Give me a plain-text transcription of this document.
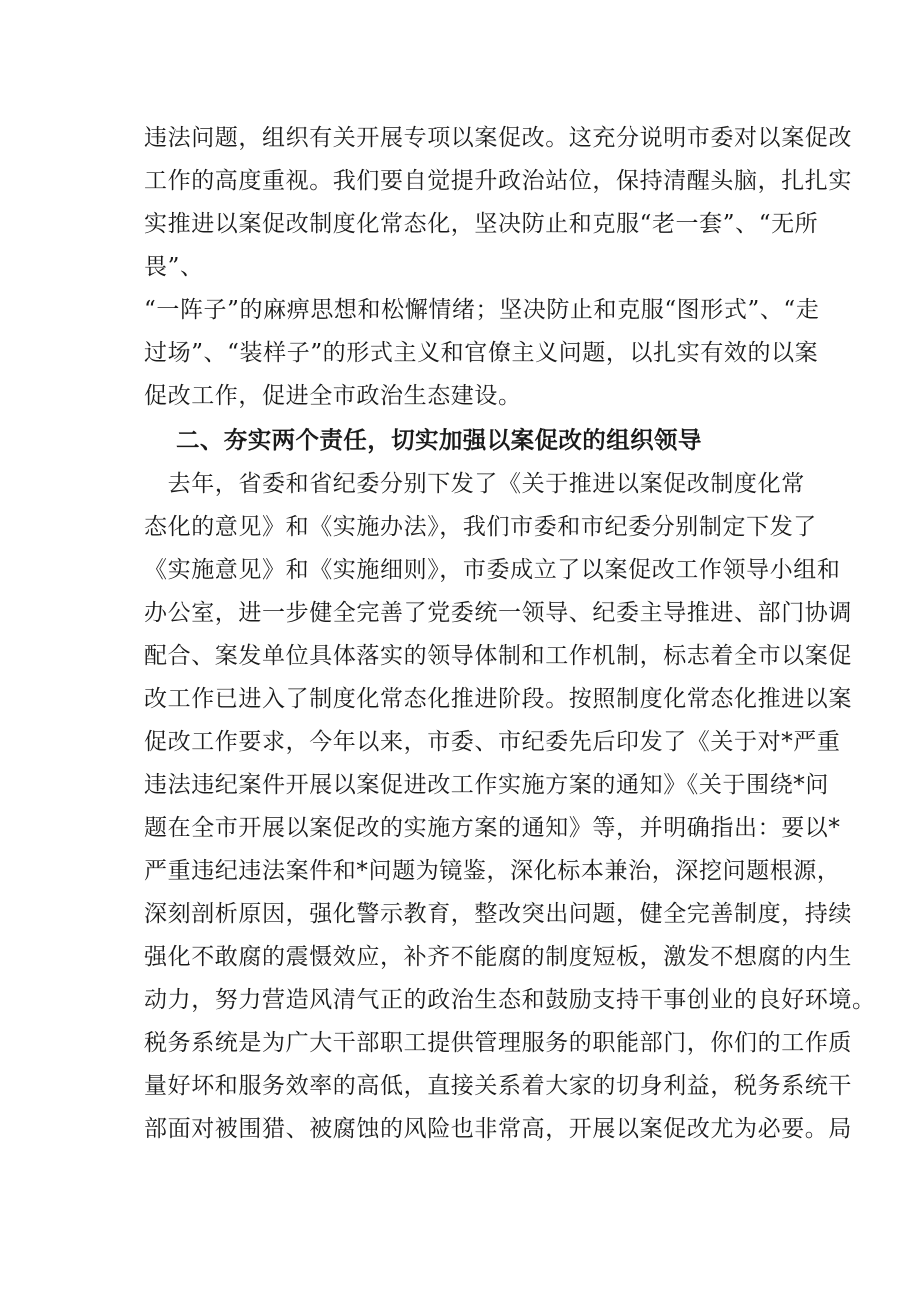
违法问题，组织有关开展专项以案促改。这充分说明市委对以案促改
工作的高度重视。我们要自觉提升政治站位，保持清醒头脑，扎扎实
实推进以案促改制度化常态化，坚决防止和克服“老一套”、“无所
畏”、
“一阵子”的麻痹思想和松懈情绪；坚决防止和克服“图形式”、“走
过场”、“装样子”的形式主义和官僚主义问题，以扎实有效的以案
促改工作，促进全市政治生态建设。
二、夯实两个责任，切实加强以案促改的组织领导
　去年，省委和省纪委分别下发了《关于推进以案促改制度化常
态化的意见》和《实施办法》，我们市委和市纪委分别制定下发了
《实施意见》和《实施细则》，市委成立了以案促改工作领导小组和
办公室，进一步健全完善了党委统一领导、纪委主导推进、部门协调
配合、案发单位具体落实的领导体制和工作机制，标志着全市以案促
改工作已进入了制度化常态化推进阶段。按照制度化常态化推进以案
促改工作要求，今年以来，市委、市纪委先后印发了《关于对*严重
违法违纪案件开展以案促进改工作实施方案的通知》《关于围绕*问
题在全市开展以案促改的实施方案的通知》等，并明确指出：要以*
严重违纪违法案件和*问题为镜鉴，深化标本兼治，深挖问题根源，
深刻剖析原因，强化警示教育，整改突出问题，健全完善制度，持续
强化不敢腐的震慑效应，补齐不能腐的制度短板，激发不想腐的内生
动力，努力营造风清气正的政治生态和鼓励支持干事创业的良好环境。
税务系统是为广大干部职工提供管理服务的职能部门，你们的工作质
量好坏和服务效率的高低，直接关系着大家的切身利益，税务系统干
部面对被围猎、被腐蚀的风险也非常高，开展以案促改尤为必要。局
